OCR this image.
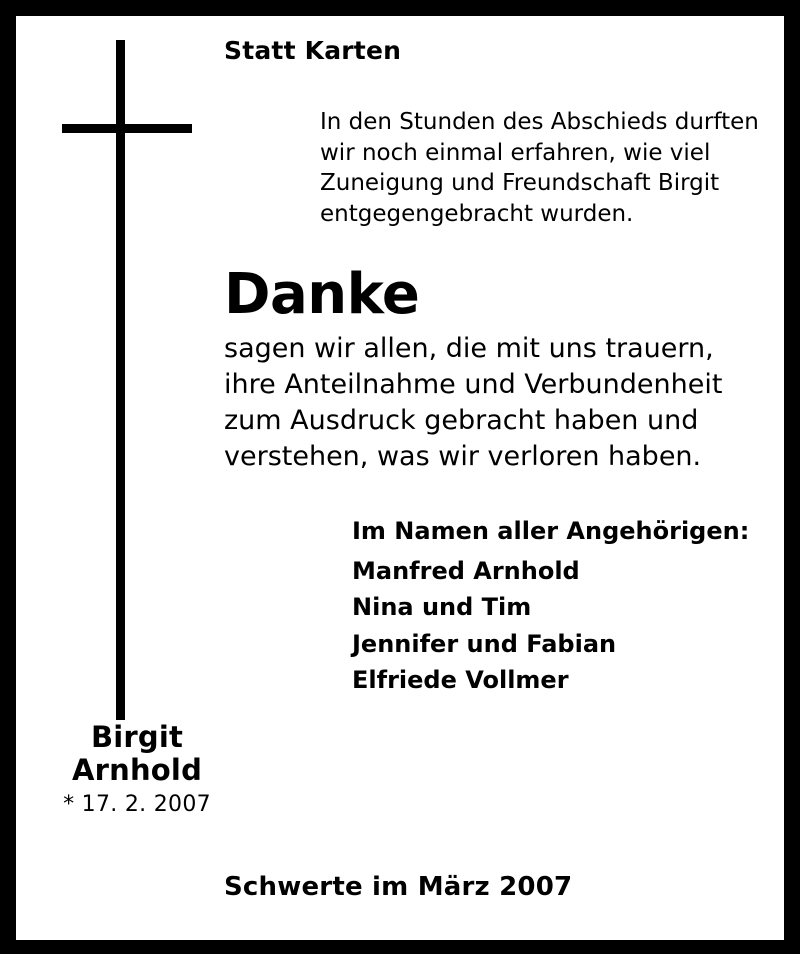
Birgit
Arnhold
* 17. 2. 2007
Statt Karten

In den Stunden des Abschieds durften

wir noch einmal erfahren, wie viel

Zuneigung und Freundschaft Birgit

entgegengebracht wurden.

Danke

sagen wir allen, die mit uns trauern,

ihre Anteilnahme und Verbundenheit

zum Ausdruck gebracht haben und

verstehen, was wir verloren haben.

Im Namen aller Angehörigen:
Manfred Arnhold
Nina und Tim
Jennifer und Fabian
Elfriede Vollmer
Schwerte im März 2007
